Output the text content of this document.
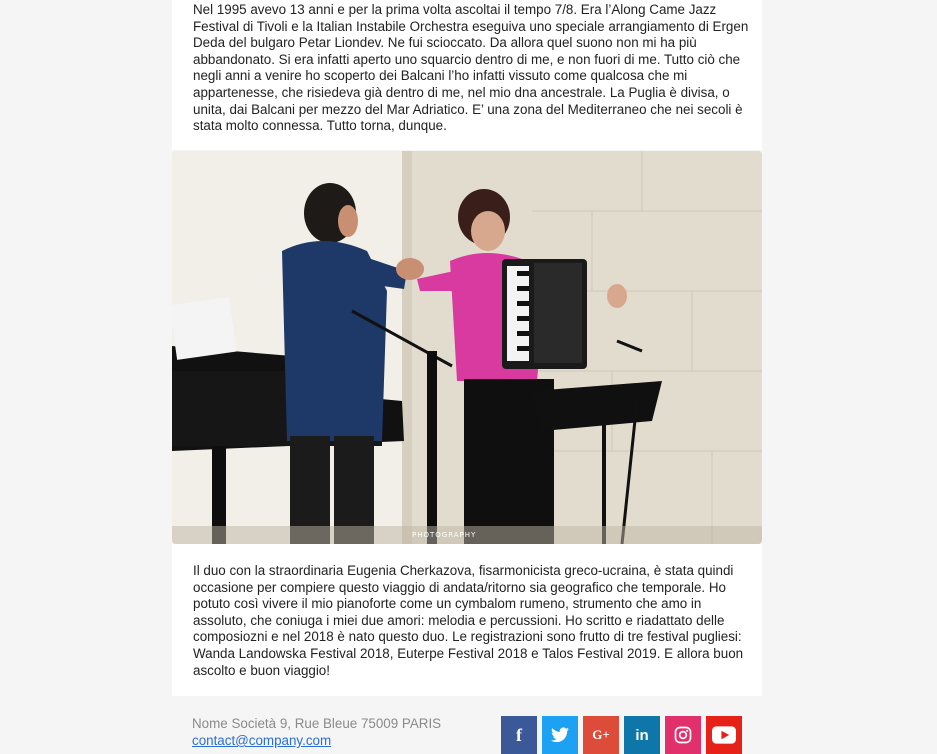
Nel 1995 avevo 13 anni e per la prima volta ascoltai il tempo 7/8. Era l’Along Came Jazz Festival di Tivoli e la Italian Instabile Orchestra eseguiva uno speciale arrangiamento di Ergen Deda del bulgaro Petar Liondev. Ne fui scioccato. Da allora quel suono non mi ha più abbandonato. Si era infatti aperto uno squarcio dentro di me, e non fuori di me. Tutto ciò che negli anni a venire ho scoperto dei Balcani l’ho infatti vissuto come qualcosa che mi appartenesse, che risiedeva già dentro di me, nel mio dna ancestrale. La Puglia è divisa, o unita, dai Balcani per mezzo del Mar Adriatico. E’ una zona del Mediterraneo che nei secoli è stata molto connessa. Tutto torna, dunque.
PHOTOGRAPHY
Il duo con la straordinaria Eugenia Cherkazova, fisarmonicista greco-ucraina, è stata quindi occasione per compiere questo viaggio di andata/ritorno sia geografico che temporale. Ho potuto così vivere il mio pianoforte come un cymbalom rumeno, strumento che amo in assoluto, che coniuga i miei due amori: melodia e percussioni. Ho scritto e riadattato delle composiozni e nel 2018 è nato questo duo. Le registrazioni sono frutto di tre festival pugliesi: Wanda Landowska Festival 2018, Euterpe Festival 2018 e Talos Festival 2019. E allora buon ascolto e buon viaggio!
Nome Società 9, Rue Bleue 75009 PARIS
contact@company.com	f	G+ in
